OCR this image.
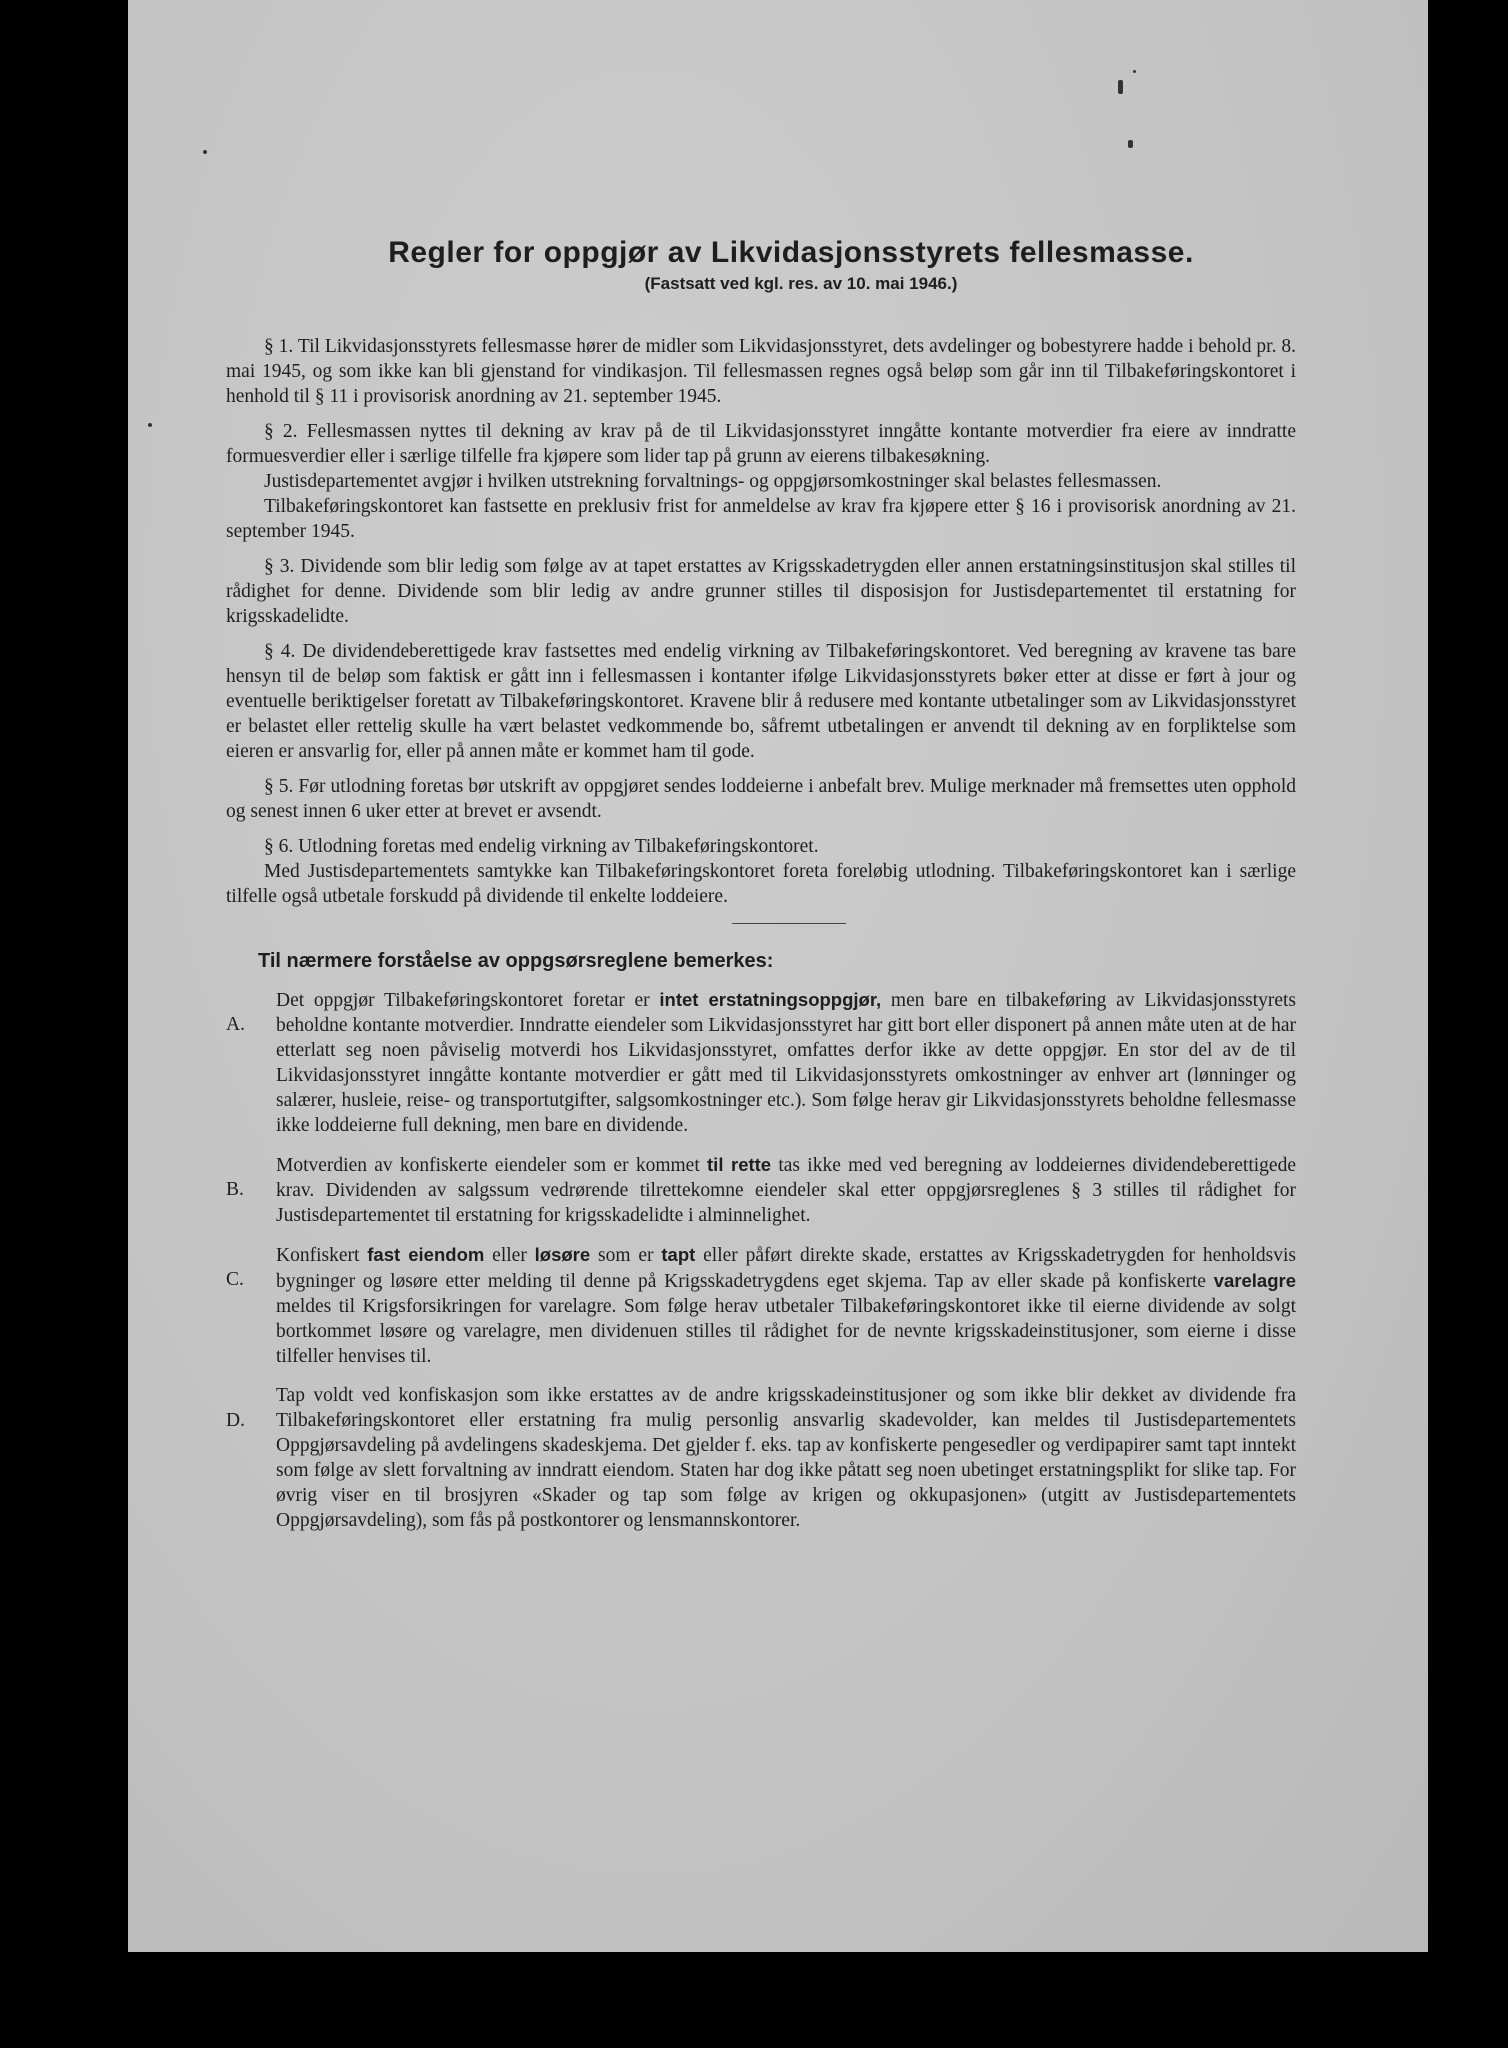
Regler for oppgjør av Likvidasjonsstyrets fellesmasse.
(Fastsatt ved kgl. res. av 10. mai 1946.)
§ 1. Til Likvidasjonsstyrets fellesmasse hører de midler som Likvidasjonsstyret, dets avdelinger og bobestyrere hadde i behold pr. 8. mai 1945, og som ikke kan bli gjenstand for vindikasjon. Til fellesmassen regnes også beløp som går inn til Tilbakeføringskontoret i henhold til § 11 i provisorisk anordning av 21. september 1945.
§ 2. Fellesmassen nyttes til dekning av krav på de til Likvidasjonsstyret inngåtte kontante motverdier fra eiere av inndratte formuesverdier eller i særlige tilfelle fra kjøpere som lider tap på grunn av eierens tilbakesøkning.
Justisdepartementet avgjør i hvilken utstrekning forvaltnings- og oppgjørsomkostninger skal belastes fellesmassen.
Tilbakeføringskontoret kan fastsette en preklusiv frist for anmeldelse av krav fra kjøpere etter § 16 i provisorisk anordning av 21. september 1945.
§ 3. Dividende som blir ledig som følge av at tapet erstattes av Krigsskadetrygden eller annen erstatningsinstitusjon skal stilles til rådighet for denne. Dividende som blir ledig av andre grunner stilles til disposisjon for Justisdepartementet til erstatning for krigsskadelidte.
§ 4. De dividendeberettigede krav fastsettes med endelig virkning av Tilbakeføringskontoret. Ved beregning av kravene tas bare hensyn til de beløp som faktisk er gått inn i fellesmassen i kontanter ifølge Likvidasjonsstyrets bøker etter at disse er ført à jour og eventuelle beriktigelser foretatt av Tilbakeføringskontoret. Kravene blir å redusere med kontante utbetalinger som av Likvidasjonsstyret er belastet eller rettelig skulle ha vært belastet vedkommende bo, såfremt utbetalingen er anvendt til dekning av en forpliktelse som eieren er ansvarlig for, eller på annen måte er kommet ham til gode.
§ 5. Før utlodning foretas bør utskrift av oppgjøret sendes loddeierne i anbefalt brev. Mulige merknader må fremsettes uten opphold og senest innen 6 uker etter at brevet er avsendt.
§ 6. Utlodning foretas med endelig virkning av Tilbakeføringskontoret.
Med Justisdepartementets samtykke kan Tilbakeføringskontoret foreta foreløbig utlodning. Tilbakeføringskontoret kan i særlige tilfelle også utbetale forskudd på dividende til enkelte loddeiere.
Til nærmere forståelse av oppgsørsreglene bemerkes:
A.
Det oppgjør Tilbakeføringskontoret foretar er intet erstatningsoppgjør, men bare en tilbakeføring av Likvidasjonsstyrets beholdne kontante motverdier. Inndratte eiendeler som Likvidasjonsstyret har gitt bort eller disponert på annen måte uten at de har etterlatt seg noen påviselig motverdi hos Likvidasjonsstyret, omfattes derfor ikke av dette oppgjør. En stor del av de til Likvidasjonsstyret inngåtte kontante motverdier er gått med til Likvidasjonsstyrets omkostninger av enhver art (lønninger og salærer, husleie, reise- og transportutgifter, salgsomkostninger etc.). Som følge herav gir Likvidasjonsstyrets beholdne fellesmasse ikke loddeierne full dekning, men bare en dividende.
B.
Motverdien av konfiskerte eiendeler som er kommet til rette tas ikke med ved beregning av loddeiernes dividendeberettigede krav. Dividenden av salgssum vedrørende tilrettekomne eiendeler skal etter oppgjørsreglenes § 3 stilles til rådighet for Justisdepartementet til erstatning for krigsskadelidte i alminnelighet.
C.
Konfiskert fast eiendom eller løsøre som er tapt eller påført direkte skade, erstattes av Krigsskadetrygden for henholdsvis bygninger og løsøre etter melding til denne på Krigsskadetrygdens eget skjema. Tap av eller skade på konfiskerte varelagre meldes til Krigsforsikringen for varelagre. Som følge herav utbetaler Tilbakeføringskontoret ikke til eierne dividende av solgt bortkommet løsøre og varelagre, men dividenuen stilles til rådighet for de nevnte krigsskadeinstitusjoner, som eierne i disse tilfeller henvises til.
D.
Tap voldt ved konfiskasjon som ikke erstattes av de andre krigsskadeinstitusjoner og som ikke blir dekket av dividende fra Tilbakeføringskontoret eller erstatning fra mulig personlig ansvarlig skadevolder, kan meldes til Justisdepartementets Oppgjørsavdeling på avdelingens skadeskjema. Det gjelder f. eks. tap av konfiskerte pengesedler og verdipapirer samt tapt inntekt som følge av slett forvaltning av inndratt eiendom. Staten har dog ikke påtatt seg noen ubetinget erstatningsplikt for slike tap. For øvrig viser en til brosjyren «Skader og tap som følge av krigen og okkupasjonen» (utgitt av Justisdepartementets Oppgjørsavdeling), som fås på postkontorer og lensmannskontorer.
